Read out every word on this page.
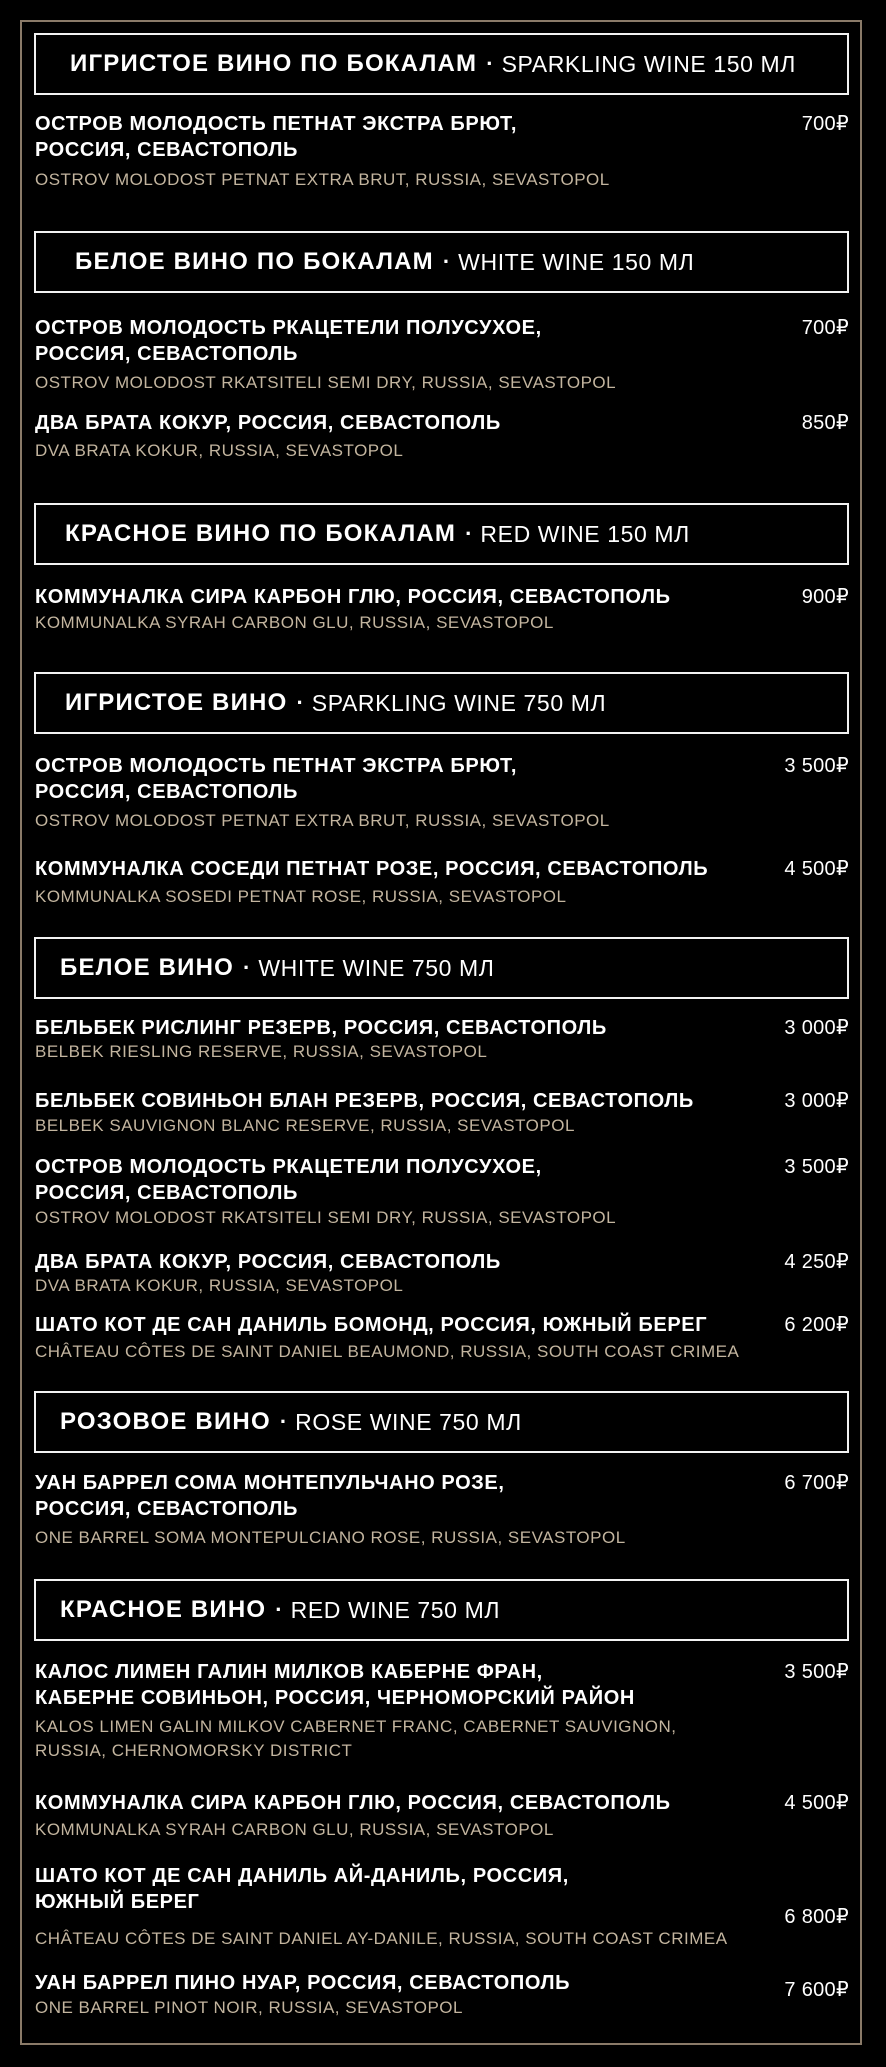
ИГРИСТОЕ ВИНО ПО БОКАЛАМ · SPARKLING WINE 150 МЛ
ОСТРОВ МОЛОДОСТЬ ПЕТНАТ ЭКСТРА БРЮТ,
РОССИЯ, СЕВАСТОПОЛЬ
OSTROV MOLODOST PETNAT EXTRA BRUT, RUSSIA, SEVASTOPOL
700₽
БЕЛОЕ ВИНО ПО БОКАЛАМ · WHITE WINE 150 МЛ
ОСТРОВ МОЛОДОСТЬ РКАЦЕТЕЛИ ПОЛУСУХОЕ,
РОССИЯ, СЕВАСТОПОЛЬ
OSTROV MOLODOST RKATSITELI SEMI DRY, RUSSIA, SEVASTOPOL
700₽
ДВА БРАТА КОКУР, РОССИЯ, СЕВАСТОПОЛЬ
DVA BRATA KOKUR, RUSSIA, SEVASTOPOL
850₽
КРАСНОЕ ВИНО ПО БОКАЛАМ · RED WINE 150 МЛ
КОММУНАЛКА СИРА КАРБОН ГЛЮ, РОССИЯ, СЕВАСТОПОЛЬ
KOMMUNALKA SYRAH CARBON GLU, RUSSIA, SEVASTOPOL
900₽
ИГРИСТОЕ ВИНО · SPARKLING WINE 750 МЛ
ОСТРОВ МОЛОДОСТЬ ПЕТНАТ ЭКСТРА БРЮТ,
РОССИЯ, СЕВАСТОПОЛЬ
OSTROV MOLODOST PETNAT EXTRA BRUT, RUSSIA, SEVASTOPOL
3 500₽
КОММУНАЛКА СОСЕДИ ПЕТНАТ РОЗЕ, РОССИЯ, СЕВАСТОПОЛЬ
KOMMUNALKA SOSEDI PETNAT ROSE, RUSSIA, SEVASTOPOL
4 500₽
БЕЛОЕ ВИНО · WHITE WINE 750 МЛ
БЕЛЬБЕК РИСЛИНГ РЕЗЕРВ, РОССИЯ, СЕВАСТОПОЛЬ
BELBEK RIESLING RESERVE, RUSSIA, SEVASTOPOL
3 000₽
БЕЛЬБЕК СОВИНЬОН БЛАН РЕЗЕРВ, РОССИЯ, СЕВАСТОПОЛЬ
BELBEK SAUVIGNON BLANC RESERVE, RUSSIA, SEVASTOPOL
3 000₽
ОСТРОВ МОЛОДОСТЬ РКАЦЕТЕЛИ ПОЛУСУХОЕ,
РОССИЯ, СЕВАСТОПОЛЬ
OSTROV MOLODOST RKATSITELI SEMI DRY, RUSSIA, SEVASTOPOL
3 500₽
ДВА БРАТА КОКУР, РОССИЯ, СЕВАСТОПОЛЬ
DVA BRATA KOKUR, RUSSIA, SEVASTOPOL
4 250₽
ШАТО КОТ ДЕ САН ДАНИЛЬ БОМОНД, РОССИЯ, ЮЖНЫЙ БЕРЕГ
CHÂTEAU CÔTES DE SAINT DANIEL BEAUMOND, RUSSIA, SOUTH COAST CRIMEA
6 200₽
РОЗОВОЕ ВИНО · ROSE WINE 750 МЛ
УАН БАРРЕЛ СОМА МОНТЕПУЛЬЧАНО РОЗЕ,
РОССИЯ, СЕВАСТОПОЛЬ
ONE BARREL SOMA MONTEPULCIANO ROSE, RUSSIA, SEVASTOPOL
6 700₽
КРАСНОЕ ВИНО · RED WINE 750 МЛ
КАЛОС ЛИМЕН ГАЛИН МИЛКОВ КАБЕРНЕ ФРАН,
КАБЕРНЕ СОВИНЬОН, РОССИЯ, ЧЕРНОМОРСКИЙ РАЙОН
KALOS LIMEN GALIN MILKOV CABERNET FRANC, CABERNET SAUVIGNON,
RUSSIA, CHERNOMORSKY DISTRICT
3 500₽
КОММУНАЛКА СИРА КАРБОН ГЛЮ, РОССИЯ, СЕВАСТОПОЛЬ
KOMMUNALKA SYRAH CARBON GLU, RUSSIA, SEVASTOPOL
4 500₽
ШАТО КОТ ДЕ САН ДАНИЛЬ АЙ-ДАНИЛЬ, РОССИЯ,
ЮЖНЫЙ БЕРЕГ
CHÂTEAU CÔTES DE SAINT DANIEL AY-DANILE, RUSSIA, SOUTH COAST CRIMEA
6 800₽
УАН БАРРЕЛ ПИНО НУАР, РОССИЯ, СЕВАСТОПОЛЬ
ONE BARREL PINOT NOIR, RUSSIA, SEVASTOPOL
7 600₽
